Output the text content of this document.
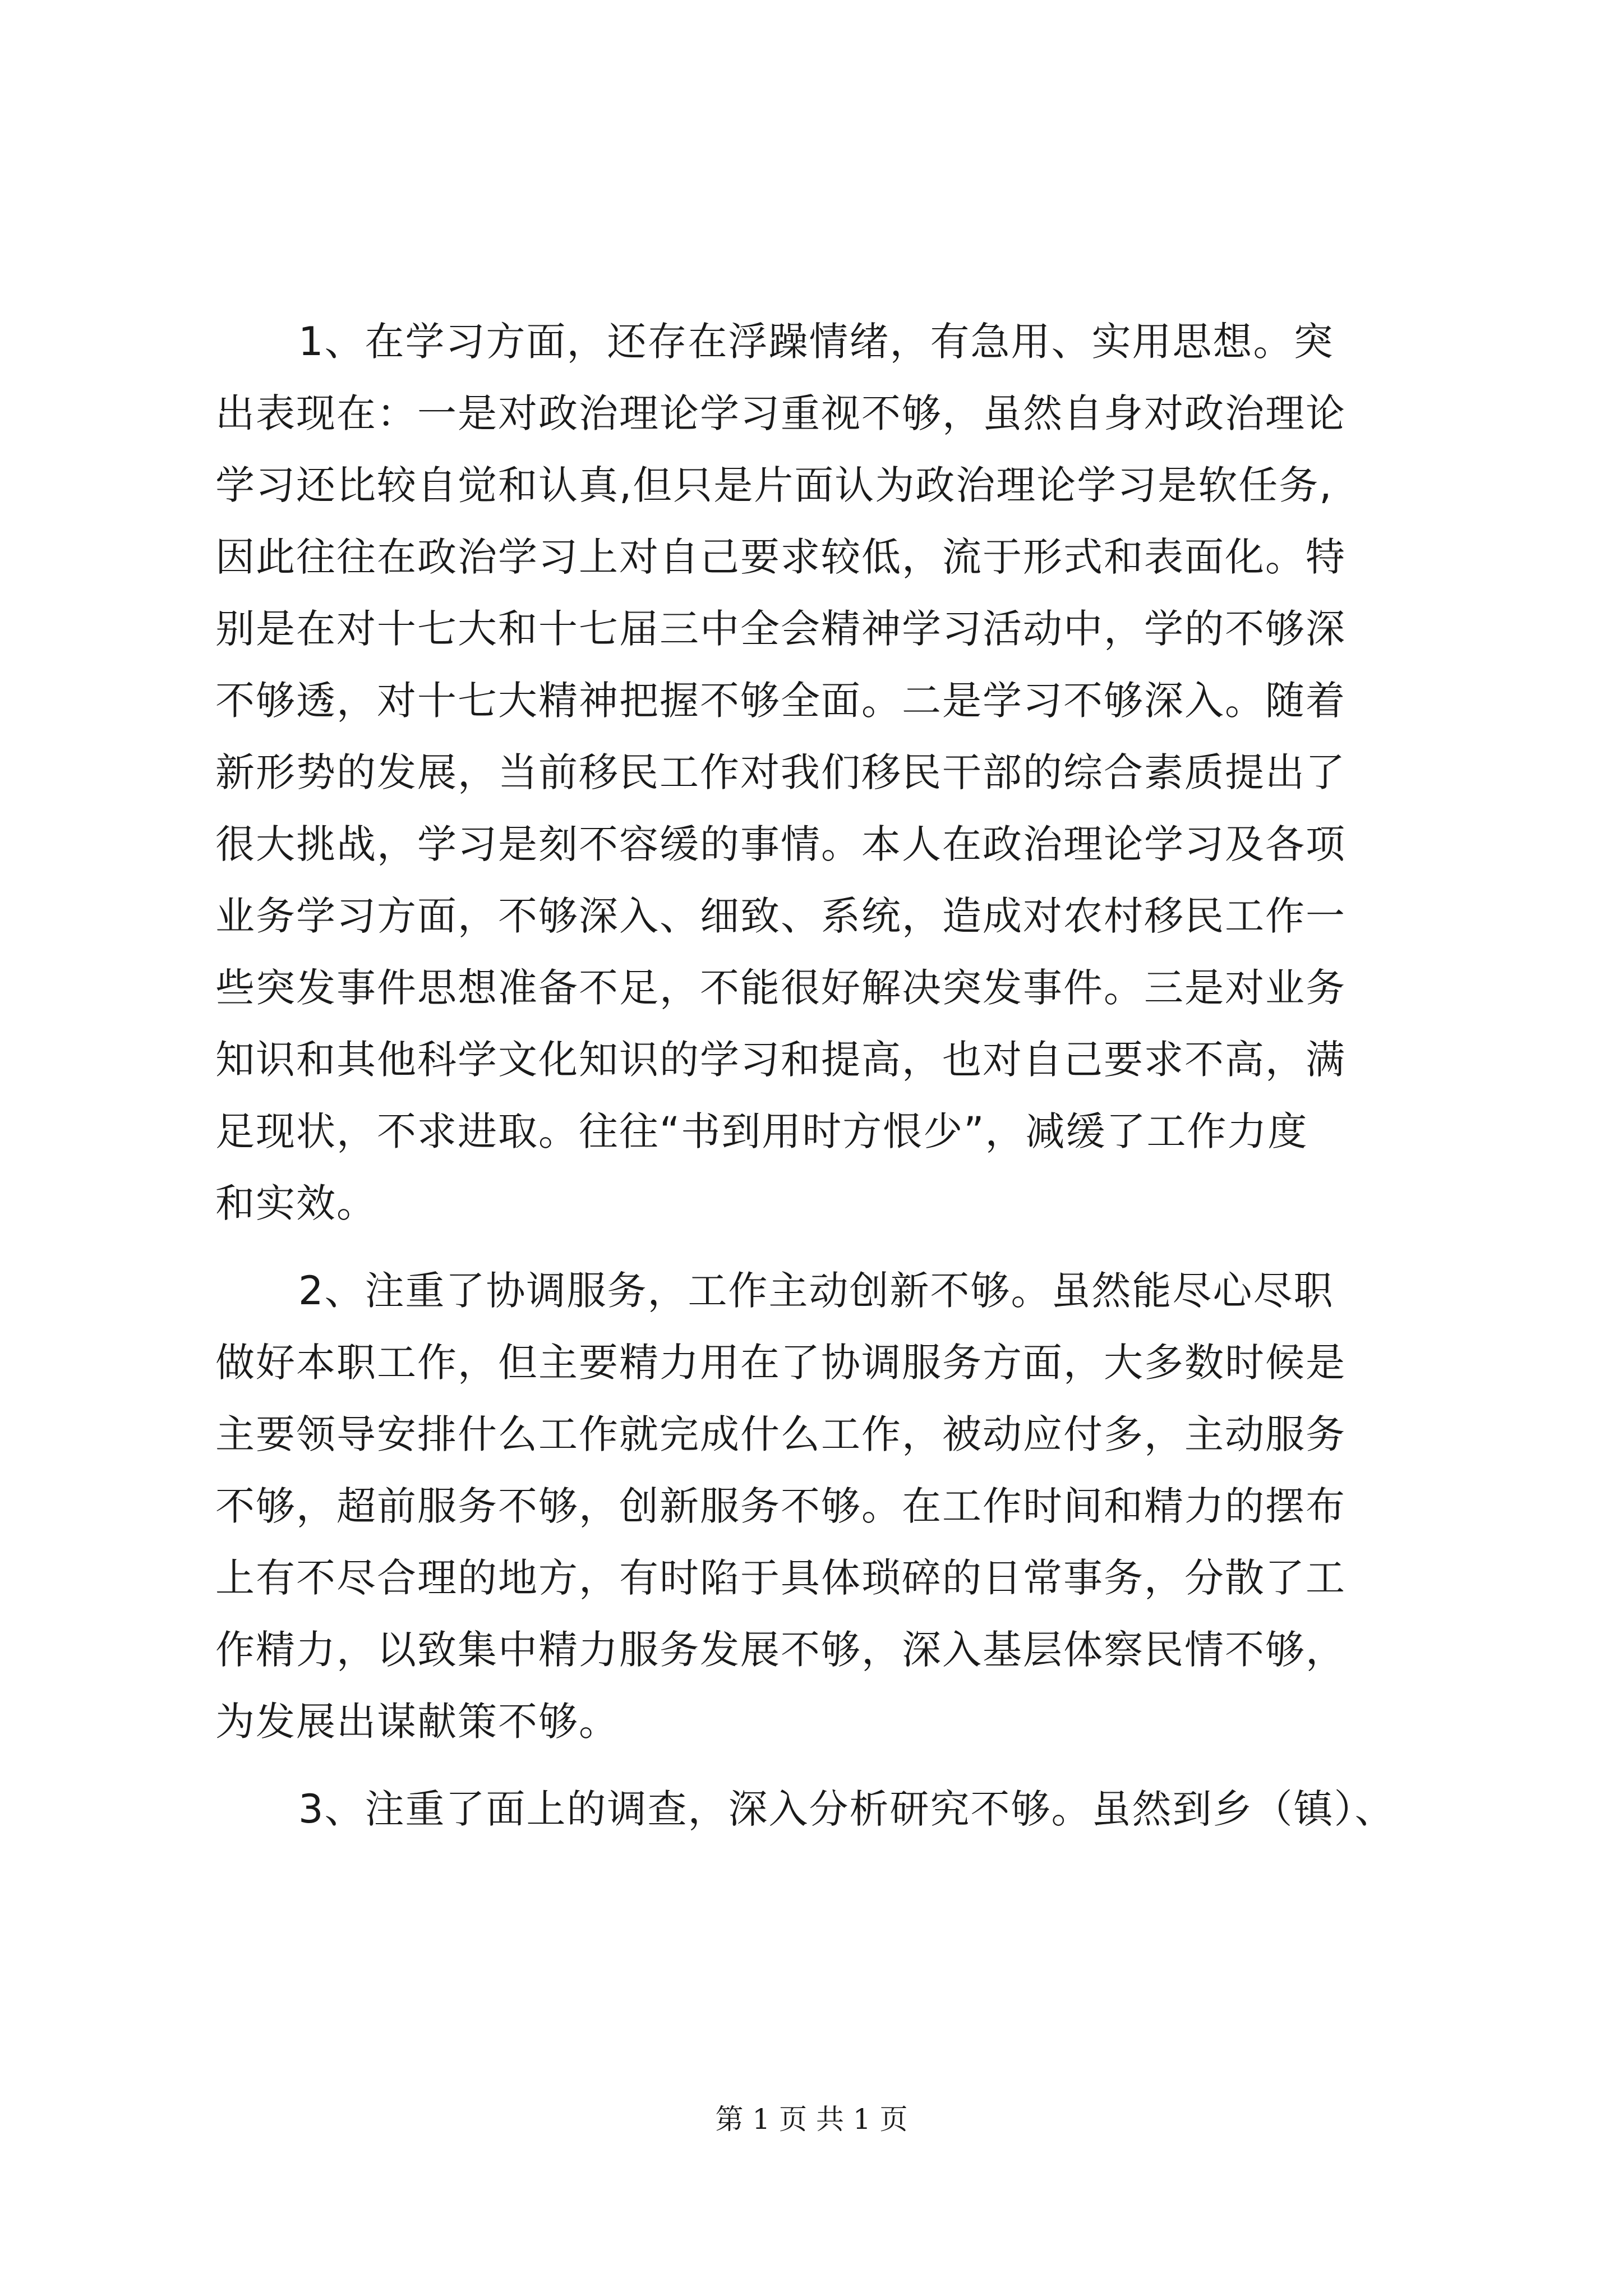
1、在学习方面，还存在浮躁情绪，有急用、实用思想。突
出表现在：一是对政治理论学习重视不够，虽然自身对政治理论
学习还比较自觉和认真,但只是片面认为政治理论学习是软任务,
因此往往在政治学习上对自己要求较低，流于形式和表面化。特
别是在对十七大和十七届三中全会精神学习活动中，学的不够深
不够透，对十七大精神把握不够全面。二是学习不够深入。随着
新形势的发展，当前移民工作对我们移民干部的综合素质提出了
很大挑战，学习是刻不容缓的事情。本人在政治理论学习及各项
业务学习方面，不够深入、细致、系统，造成对农村移民工作一
些突发事件思想准备不足，不能很好解决突发事件。三是对业务
知识和其他科学文化知识的学习和提高，也对自己要求不高，满
足现状，不求进取。往往“书到用时方恨少”，减缓了工作力度
和实效。
2、注重了协调服务，工作主动创新不够。虽然能尽心尽职
做好本职工作，但主要精力用在了协调服务方面，大多数时候是
主要领导安排什么工作就完成什么工作，被动应付多，主动服务
不够，超前服务不够，创新服务不够。在工作时间和精力的摆布
上有不尽合理的地方，有时陷于具体琐碎的日常事务，分散了工
作精力，以致集中精力服务发展不够，深入基层体察民情不够，
为发展出谋献策不够。
3、注重了面上的调查，深入分析研究不够。虽然到乡（镇）、
第 1 页 共 1 页
